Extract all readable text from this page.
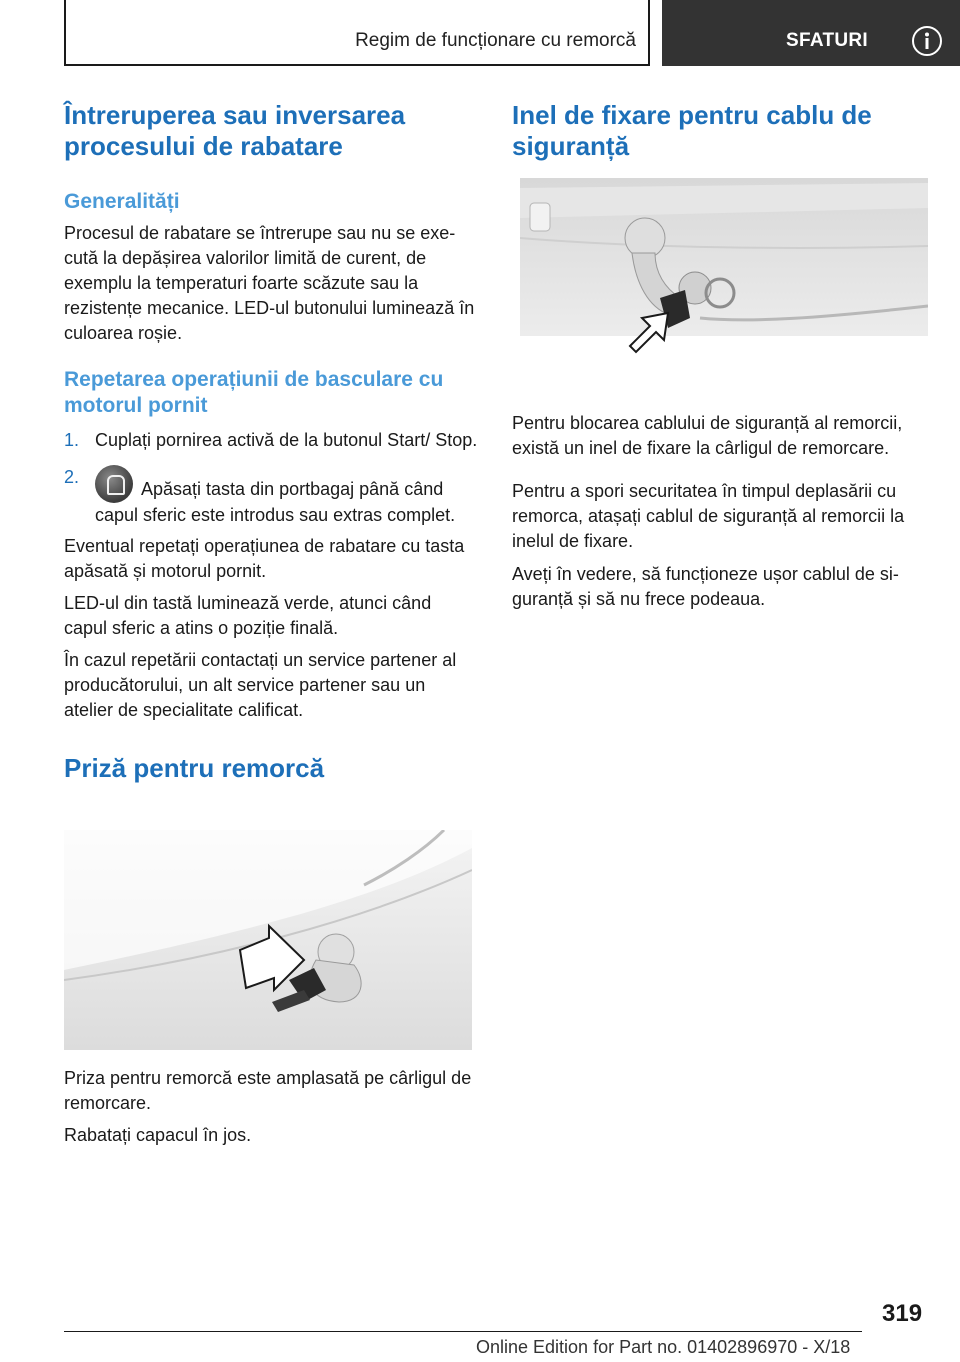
Regim de funcționare cu remorcă	SFATURI
Întreruperea sau inversarea procesului de rabatare
Generalități

Procesul de rabatare se întrerupe sau nu se exe-cută la depășirea valorilor limită de curent, de exemplu la temperaturi foarte scăzute sau la rezistențe mecanice. LED-ul butonului luminează în culoarea roșie.

Repetarea operațiunii de basculare cu motorul pornit
1. Cuplați pornirea activă de la butonul Start/ Stop.
2.
Apăsați tasta din portbagaj până când capul sferic este introdus sau extras complet.

Eventual repetați operațiunea de rabatare cu tasta apăsată și motorul pornit.

LED-ul din tastă luminează verde, atunci când capul sferic a atins o poziție finală.

În cazul repetării contactați un service partener al producătorului, un alt service partener sau un atelier de specialitate calificat.

Priză pentru remorcă

Priza pentru remorcă este amplasată pe cârligul de remorcare.

Rabatați capacul în jos.

Inel de fixare pentru cablu de siguranță

Pentru blocarea cablului de siguranță al remorcii, există un inel de fixare la cârligul de remorcare.

Pentru a spori securitatea în timpul deplasării cu remorca, atașați cablul de siguranță al remorcii la inelul de fixare.

Aveți în vedere, să funcționeze ușor cablul de si-guranță și să nu frece podeaua.

319
Online Edition for Part no. 01402896970 - X/18
